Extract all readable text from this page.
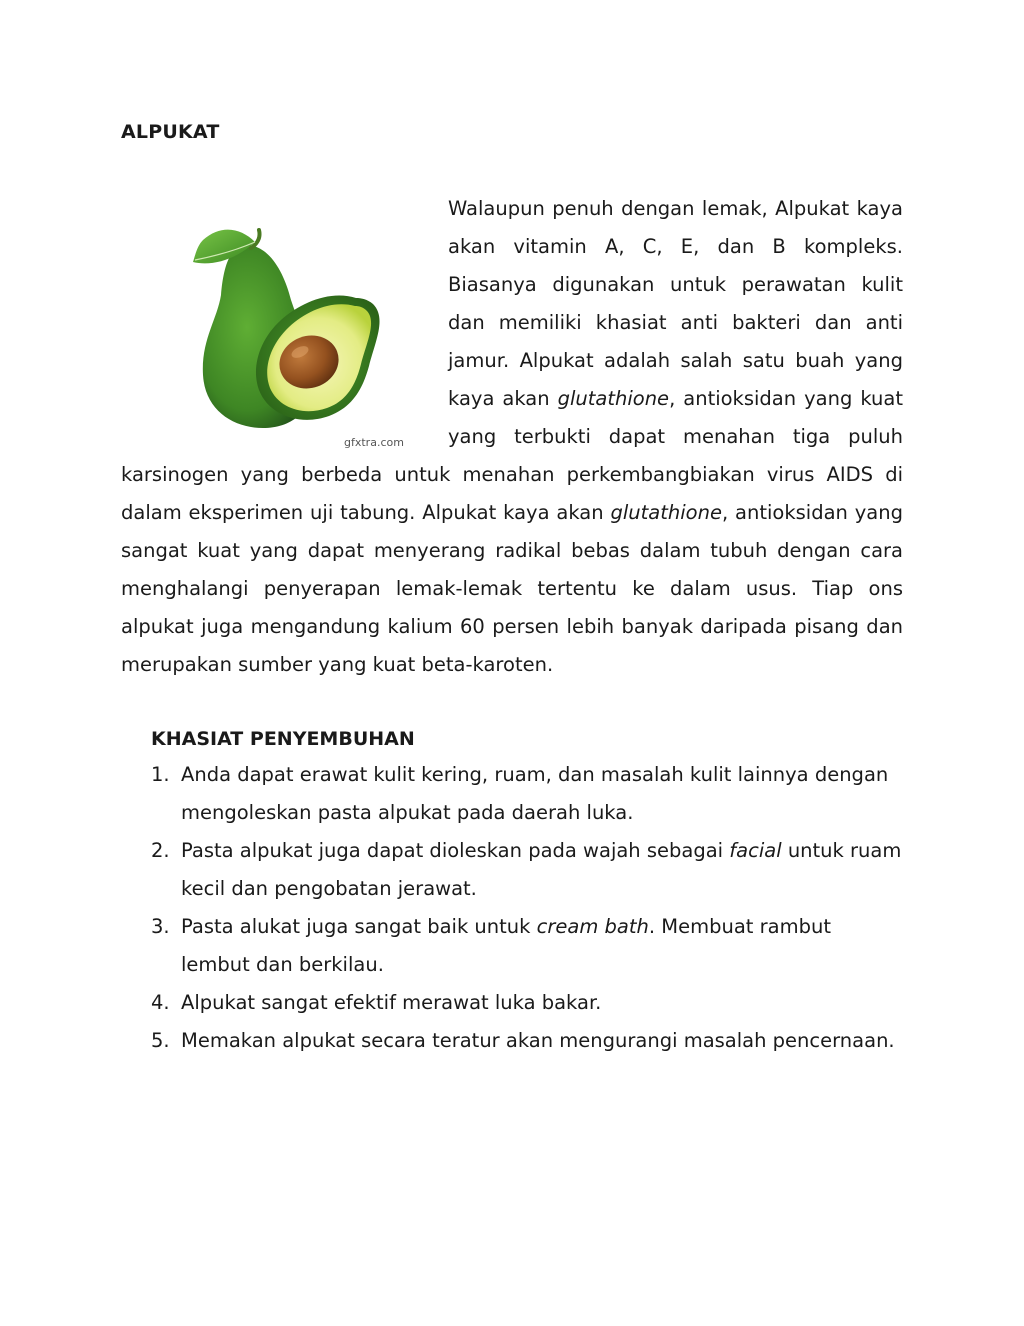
ALPUKAT
gfxtra.com
Walaupun penuh dengan lemak, Alpukat kaya akan vitamin A, C, E, dan B kompleks. Biasanya digunakan untuk perawatan kulit dan memiliki khasiat anti bakteri dan anti jamur. Alpukat adalah salah satu buah yang kaya akan glutathione, antioksidan yang kuat yang terbukti dapat menahan tiga puluh karsinogen yang berbeda untuk menahan perkembangbiakan virus AIDS di dalam eksperimen uji tabung. Alpukat kaya akan glutathione, antioksidan yang sangat kuat yang dapat menyerang radikal bebas dalam tubuh dengan cara menghalangi penyerapan lemak-lemak tertentu ke dalam usus. Tiap ons alpukat juga mengandung kalium 60 persen lebih banyak daripada pisang dan merupakan sumber yang kuat beta-karoten.
KHASIAT PENYEMBUHAN
1. Anda dapat erawat kulit kering, ruam, dan masalah kulit lainnya dengan mengoleskan pasta alpukat pada daerah luka.
2. Pasta alpukat juga dapat dioleskan pada wajah sebagai facial untuk ruam kecil dan pengobatan jerawat.
3. Pasta alukat juga sangat baik untuk cream bath. Membuat rambut lembut dan berkilau.
4. Alpukat sangat efektif merawat luka bakar.
5. Memakan alpukat secara teratur akan mengurangi masalah pencernaan.
